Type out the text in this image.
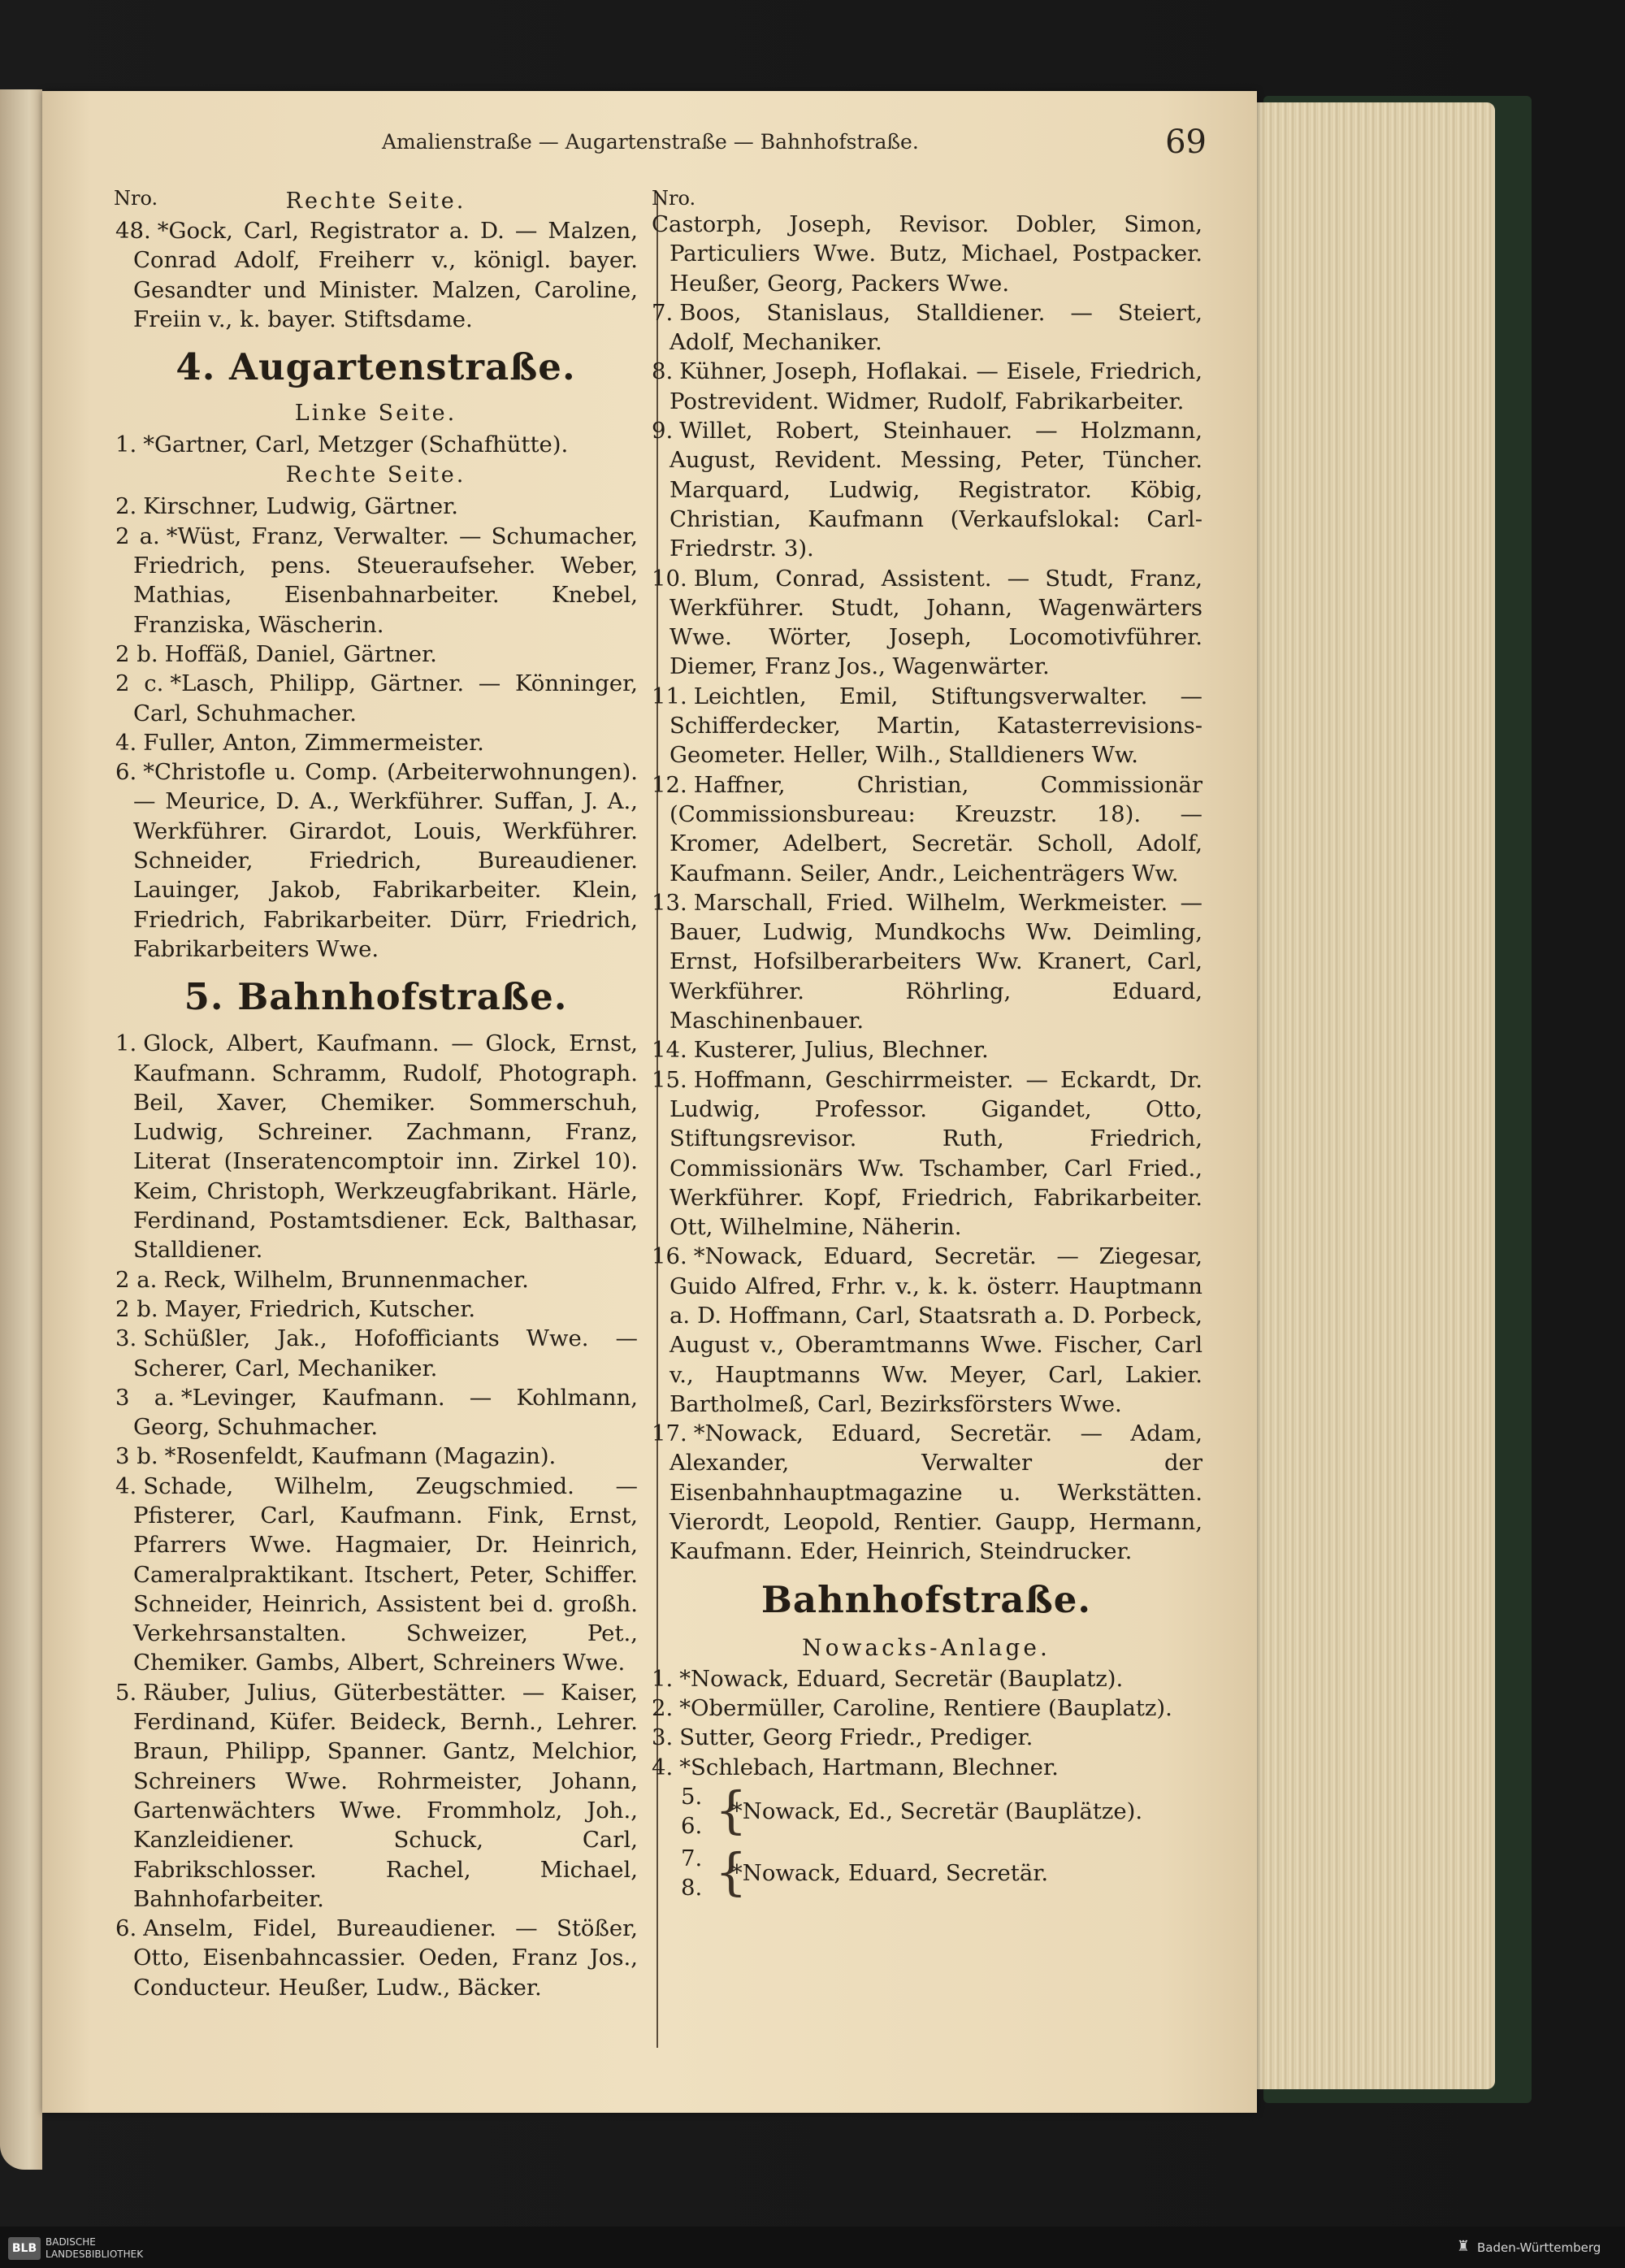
Amalienstraße — Augartenstraße — Bahnhofstraße.	69
Nro.	Rechte Seite.
48. *Gock, Carl, Registrator a. D. — Malzen, Conrad Adolf, Freiherr v., königl. bayer. Gesandter und Minister. Malzen, Caroline, Freiin v., k. bayer. Stiftsdame.
4. Augartenstraße.
Linke Seite.
1. *Gartner, Carl, Metzger (Schafhütte).
Rechte Seite.
2. Kirschner, Ludwig, Gärtner.
2 a. *Wüst, Franz, Verwalter. — Schumacher, Friedrich, pens. Steueraufseher. Weber, Mathias, Eisenbahnarbeiter. Knebel, Franziska, Wäscherin.
2 b. Hoffäß, Daniel, Gärtner.
2 c. *Lasch, Philipp, Gärtner. — Könninger, Carl, Schuhmacher.
4. Fuller, Anton, Zimmermeister.
6. *Christofle u. Comp. (Arbeiterwohnungen). — Meurice, D. A., Werkführer. Suffan, J. A., Werkführer. Girardot, Louis, Werkführer. Schneider, Friedrich, Bureaudiener. Lauinger, Jakob, Fabrikarbeiter. Klein, Friedrich, Fabrikarbeiter. Dürr, Friedrich, Fabrikarbeiters Wwe.
5. Bahnhofstraße.
1. Glock, Albert, Kaufmann. — Glock, Ernst, Kaufmann. Schramm, Rudolf, Photograph. Beil, Xaver, Chemiker. Sommerschuh, Ludwig, Schreiner. Zachmann, Franz, Literat (Inseratencomptoir inn. Zirkel 10). Keim, Christoph, Werkzeugfabrikant. Härle, Ferdinand, Postamtsdiener. Eck, Balthasar, Stalldiener.
2 a. Reck, Wilhelm, Brunnenmacher.
2 b. Mayer, Friedrich, Kutscher.
3. Schüßler, Jak., Hofofficiants Wwe. — Scherer, Carl, Mechaniker.
3 a. *Levinger, Kaufmann. — Kohlmann, Georg, Schuhmacher.
3 b. *Rosenfeldt, Kaufmann (Magazin).
4. Schade, Wilhelm, Zeugschmied. — Pfisterer, Carl, Kaufmann. Fink, Ernst, Pfarrers Wwe. Hagmaier, Dr. Heinrich, Cameralpraktikant. Itschert, Peter, Schiffer. Schneider, Heinrich, Assistent bei d. großh. Verkehrsanstalten. Schweizer, Pet., Chemiker. Gambs, Albert, Schreiners Wwe.
5. Räuber, Julius, Güterbestätter. — Kaiser, Ferdinand, Küfer. Beideck, Bernh., Lehrer. Braun, Philipp, Spanner. Gantz, Melchior, Schreiners Wwe. Rohrmeister, Johann, Gartenwächters Wwe. Frommholz, Joh., Kanzleidiener. Schuck, Carl, Fabrikschlosser. Rachel, Michael, Bahnhofarbeiter.
6. Anselm, Fidel, Bureaudiener. — Stößer, Otto, Eisenbahncassier. Oeden, Franz Jos., Conducteur. Heußer, Ludw., Bäcker.
Nro.
Castorph, Joseph, Revisor. Dobler, Simon, Particuliers Wwe. Butz, Michael, Postpacker. Heußer, Georg, Packers Wwe.
7. Boos, Stanislaus, Stalldiener. — Steiert, Adolf, Mechaniker.
8. Kühner, Joseph, Hoflakai. — Eisele, Friedrich, Postrevident. Widmer, Rudolf, Fabrikarbeiter.
9. Willet, Robert, Steinhauer. — Holzmann, August, Revident. Messing, Peter, Tüncher. Marquard, Ludwig, Registrator. Köbig, Christian, Kaufmann (Verkaufslokal: Carl-Friedrstr. 3).
10. Blum, Conrad, Assistent. — Studt, Franz, Werkführer. Studt, Johann, Wagenwärters Wwe. Wörter, Joseph, Locomotivführer. Diemer, Franz Jos., Wagenwärter.
11. Leichtlen, Emil, Stiftungsverwalter. — Schifferdecker, Martin, Katasterrevisions-Geometer. Heller, Wilh., Stalldieners Ww.
12. Haffner, Christian, Commissionär (Commissionsbureau: Kreuzstr. 18). — Kromer, Adelbert, Secretär. Scholl, Adolf, Kaufmann. Seiler, Andr., Leichenträgers Ww.
13. Marschall, Fried. Wilhelm, Werkmeister. — Bauer, Ludwig, Mundkochs Ww. Deimling, Ernst, Hofsilberarbeiters Ww. Kranert, Carl, Werkführer. Röhrling, Eduard, Maschinenbauer.
14. Kusterer, Julius, Blechner.
15. Hoffmann, Geschirrmeister. — Eckardt, Dr. Ludwig, Professor. Gigandet, Otto, Stiftungsrevisor. Ruth, Friedrich, Commissionärs Ww. Tschamber, Carl Fried., Werkführer. Kopf, Friedrich, Fabrikarbeiter. Ott, Wilhelmine, Näherin.
16. *Nowack, Eduard, Secretär. — Ziegesar, Guido Alfred, Frhr. v., k. k. österr. Hauptmann a. D. Hoffmann, Carl, Staatsrath a. D. Porbeck, August v., Oberamtmanns Wwe. Fischer, Carl v., Hauptmanns Ww. Meyer, Carl, Lakier. Bartholmeß, Carl, Bezirksförsters Wwe.
17. *Nowack, Eduard, Secretär. — Adam, Alexander, Verwalter der Eisenbahnhauptmagazine u. Werkstätten. Vierordt, Leopold, Rentier. Gaupp, Hermann, Kaufmann. Eder, Heinrich, Steindrucker.
Bahnhofstraße.
Nowacks-Anlage.
1. *Nowack, Eduard, Secretär (Bauplatz).
2. *Obermüller, Caroline, Rentiere (Bauplatz).
3. Sutter, Georg Friedr., Prediger.
4. *Schlebach, Hartmann, Blechner.
5.
6. {
*Nowack, Ed., Secretär (Bauplätze).
7.
8. {
*Nowack, Eduard, Secretär.
BLB BADISCHE
LANDESBIBLIOTHEK	♜ Baden-Württemberg
